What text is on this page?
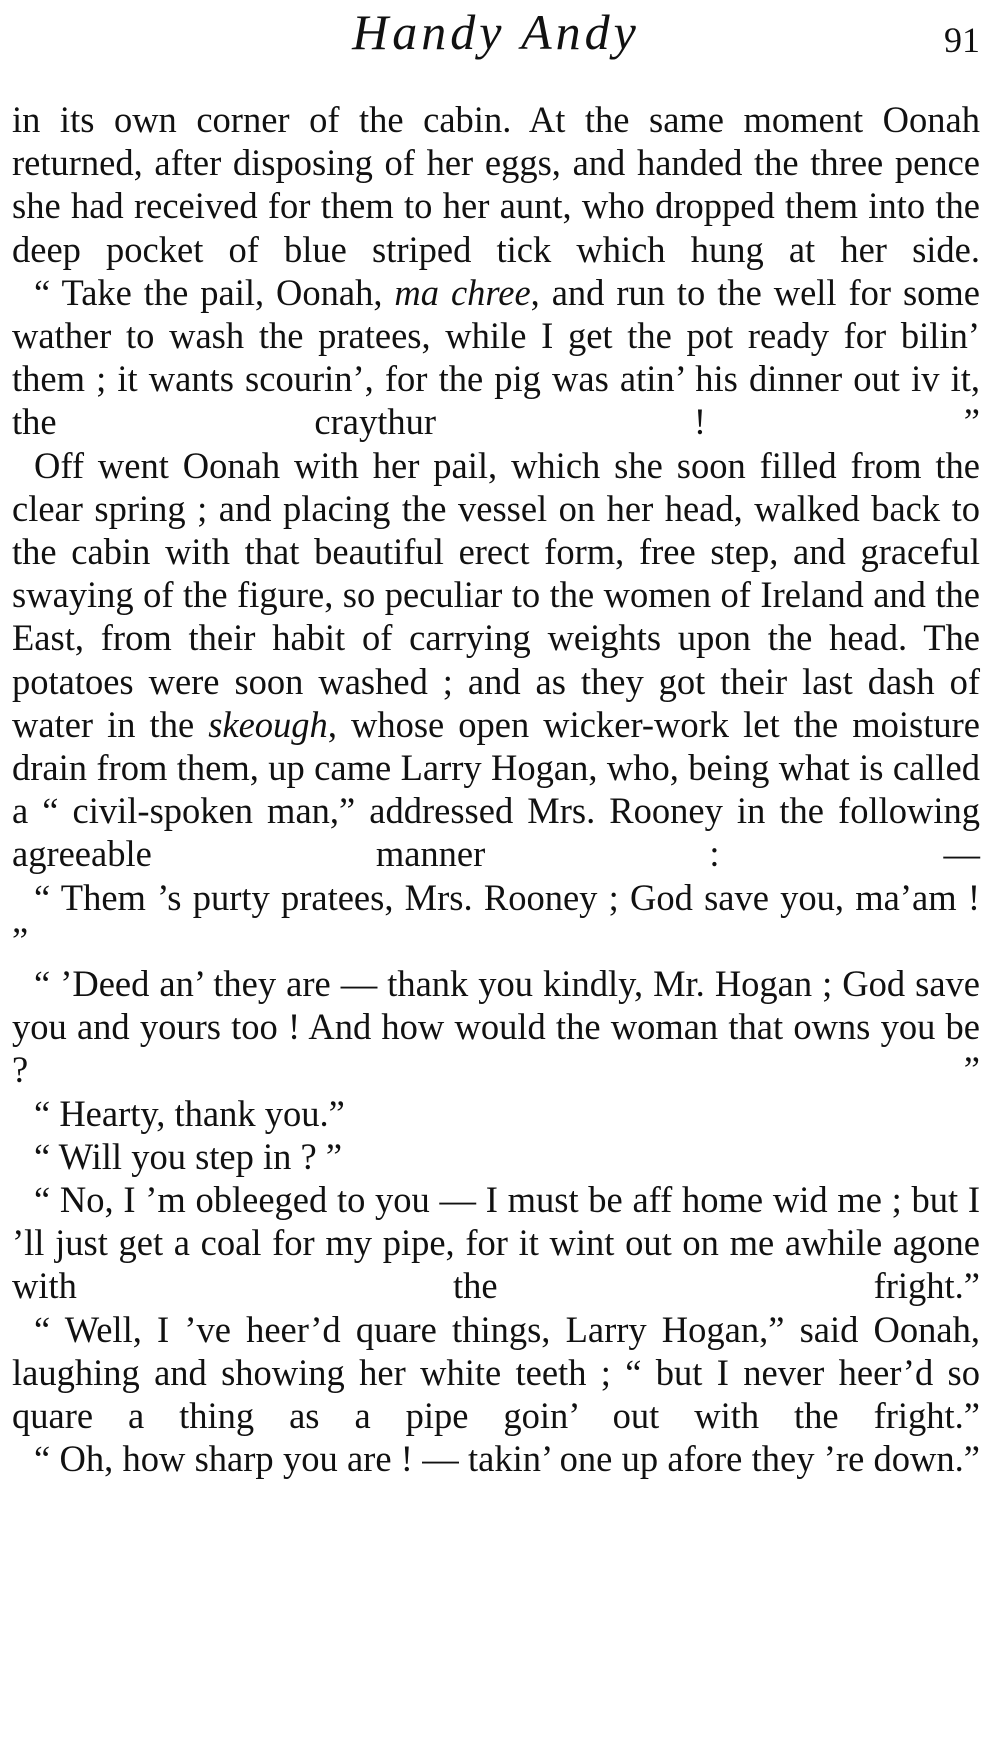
Handy Andy	91

in its own corner of the cabin. At the same moment Oonah returned, after disposing of her eggs, and handed the three pence she had received for them to her aunt, who dropped them into the deep pocket of blue striped tick which hung at her side.

“ Take the pail, Oonah, ma chree, and run to the well for some wather to wash the pratees, while I get the pot ready for bilin’ them ; it wants scourin’, for the pig was atin’ his dinner out iv it, the craythur ! ”

Off went Oonah with her pail, which she soon filled from the clear spring ; and placing the vessel on her head, walked back to the cabin with that beautiful erect form, free step, and graceful swaying of the figure, so peculiar to the women of Ireland and the East, from their habit of carrying weights upon the head. The potatoes were soon washed ; and as they got their last dash of water in the skeough, whose open wicker-work let the moisture drain from them, up came Larry Hogan, who, being what is called a “ civil-spoken man,” addressed Mrs. Rooney in the following agreeable manner : —

“ Them ’s purty pratees, Mrs. Rooney ; God save you, ma’am ! ”

“ ’Deed an’ they are — thank you kindly, Mr. Hogan ; God save you and yours too ! And how would the woman that owns you be ? ”

“ Hearty, thank you.”

“ Will you step in ? ”

“ No, I ’m obleeged to you — I must be aff home wid me ; but I ’ll just get a coal for my pipe, for it wint out on me awhile agone with the fright.”

“ Well, I ’ve heer’d quare things, Larry Hogan,” said Oonah, laughing and showing her white teeth ; “ but I never heer’d so quare a thing as a pipe goin’ out with the fright.”

“ Oh, how sharp you are ! — takin’ one up afore they ’re down.”
